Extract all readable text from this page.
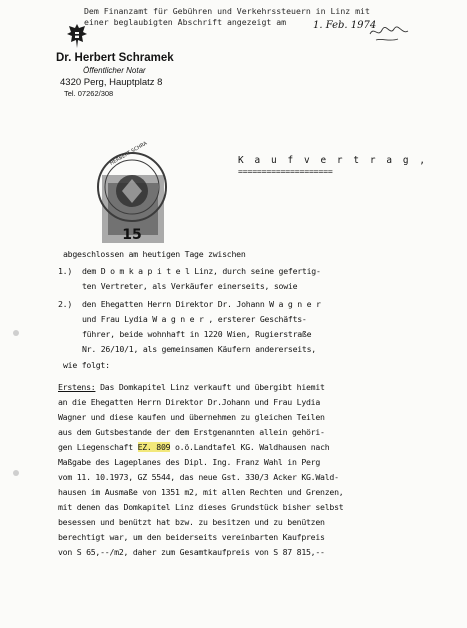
Dem Finanzamt für Gebühren und Verkehrssteuern in Linz mit
einer beglaubigten Abschrift angezeigt am	1. Feb. 1974
Dr. Herbert Schramek
Öffentlicher Notar
4320 Perg, Hauptplatz 8
Tel. 07262/308
15
HERBERT SCHRA	K a u f v e r t r a g ,
====================
abgeschlossen am heutigen Tage zwischen
1.) dem D o m k a p i t e l Linz, durch seine gefertig-
ten Vertreter, als Verkäufer einerseits, sowie
2.) den Ehegatten Herrn Direktor Dr. Johann W a g n e r
und Frau Lydia W a g n e r , ersterer Geschäfts-
führer, beide wohnhaft in 1220 Wien, Rugierstraße
Nr. 26/10/1, als gemeinsamen Käufern andererseits,
wie folgt:
Erstens: Das Domkapitel Linz verkauft und übergibt hiemit
an die Ehegatten Herrn Direktor Dr.Johann und Frau Lydia
Wagner und diese kaufen und übernehmen zu gleichen Teilen
aus dem Gutsbestande der dem Erstgenannten allein gehöri-
gen Liegenschaft EZ. 809 o.ö.Landtafel KG. Waldhausen nach
Maßgabe des Lageplanes des Dipl. Ing. Franz Wahl in Perg
vom 11. 10.1973, GZ 5544, das neue Gst. 330/3 Acker KG.Wald-
hausen im Ausmaße von 1351 m2, mit allen Rechten und Grenzen,
mit denen das Domkapitel Linz dieses Grundstück bisher selbst
besessen und benützt hat bzw. zu besitzen und zu benützen
berechtigt war, um den beiderseits vereinbarten Kaufpreis
von S 65,--/m2, daher zum Gesamtkaufpreis von S 87 815,--
